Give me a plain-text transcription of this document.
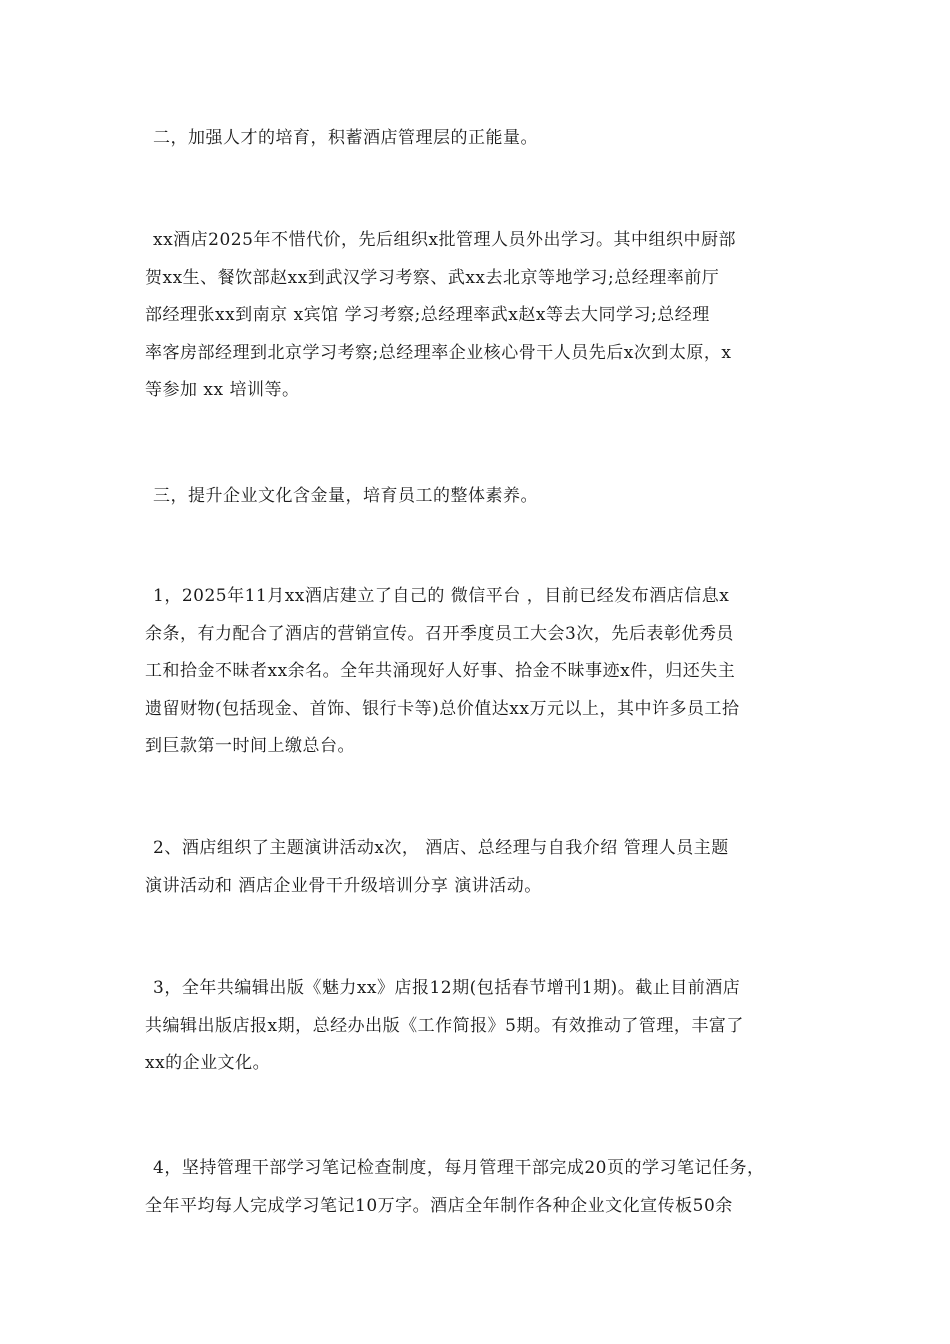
二，加强人才的培育，积蓄酒店管理层的正能量。
xx酒店2025年不惜代价，先后组织x批管理人员外出学习。其中组织中厨部
贺xx生、餐饮部赵xx到武汉学习考察、武xx去北京等地学习;总经理率前厅
部经理张xx到南京 x宾馆 学习考察;总经理率武x赵x等去大同学习;总经理
率客房部经理到北京学习考察;总经理率企业核心骨干人员先后x次到太原，x
等参加 xx 培训等。
三，提升企业文化含金量，培育员工的整体素养。
1，2025年11月xx酒店建立了自己的 微信平台 ，目前已经发布酒店信息x
余条，有力配合了酒店的营销宣传。召开季度员工大会3次，先后表彰优秀员
工和拾金不昧者xx余名。全年共涌现好人好事、拾金不昧事迹x件，归还失主
遗留财物(包括现金、首饰、银行卡等)总价值达xx万元以上，其中许多员工拾
到巨款第一时间上缴总台。
2、酒店组织了主题演讲活动x次， 酒店、总经理与自我介绍 管理人员主题
演讲活动和 酒店企业骨干升级培训分享 演讲活动。
3，全年共编辑出版《魅力xx》店报12期(包括春节增刊1期)。截止目前酒店
共编辑出版店报x期，总经办出版《工作简报》5期。有效推动了管理，丰富了
xx的企业文化。
4，坚持管理干部学习笔记检查制度，每月管理干部完成20页的学习笔记任务，
全年平均每人完成学习笔记10万字。酒店全年制作各种企业文化宣传板50余
